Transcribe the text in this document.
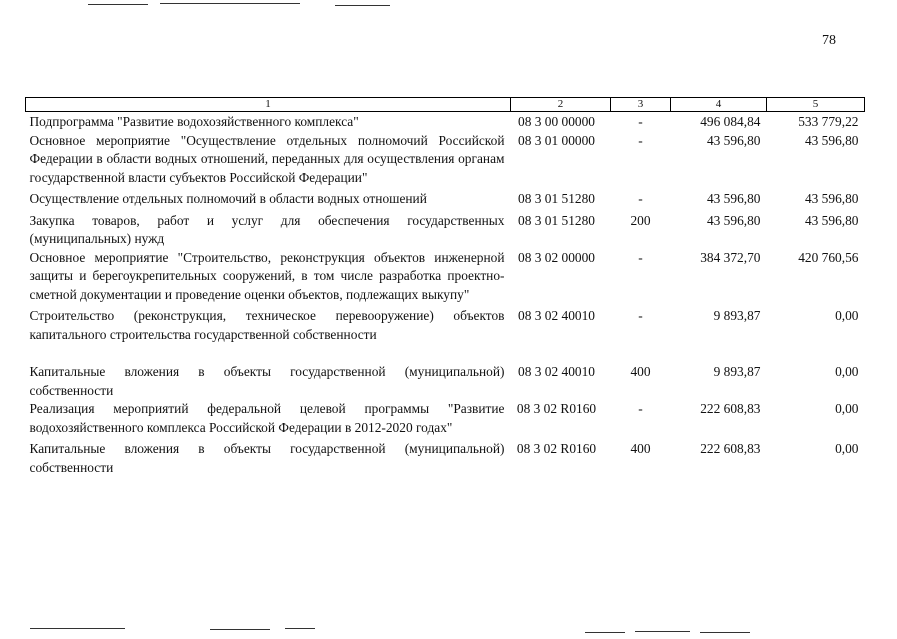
78
1	2	3	4	5
Подпрограмма "Развитие водохозяйственного комплекса"	08 3 00 00000	-	496 084,84	533 779,22
Основное мероприятие "Осуществление отдельных полномочий Российской Федерации в области водных отношений, переданных для осуществления органам государственной власти субъектов Российской Федерации"	08 3 01 00000	-	43 596,80	43 596,80
Осуществление отдельных полномочий в области водных отношений	08 3 01 51280	-	43 596,80	43 596,80
Закупка товаров, работ и услуг для обеспечения государственных (муниципальных) нужд	08 3 01 51280	200	43 596,80	43 596,80
Основное мероприятие "Строительство, реконструкция объектов инженерной защиты и берегоукрепительных сооружений, в том числе разработка проектно-сметной документации и проведение оценки объектов, подлежащих выкупу"	08 3 02 00000	-	384 372,70	420 760,56
Строительство (реконструкция, техническое перевооружение) объектов капитального строительства государственной собственности	08 3 02 40010	-	9 893,87	0,00
Капитальные вложения в объекты государственной (муниципальной) собственности	08 3 02 40010	400	9 893,87	0,00
Реализация мероприятий федеральной целевой программы "Развитие водохозяйственного комплекса Российской Федерации в 2012-2020 годах"	08 3 02 R0160	-	222 608,83	0,00
Капитальные вложения в объекты государственной (муниципальной) собственности	08 3 02 R0160	400	222 608,83	0,00
